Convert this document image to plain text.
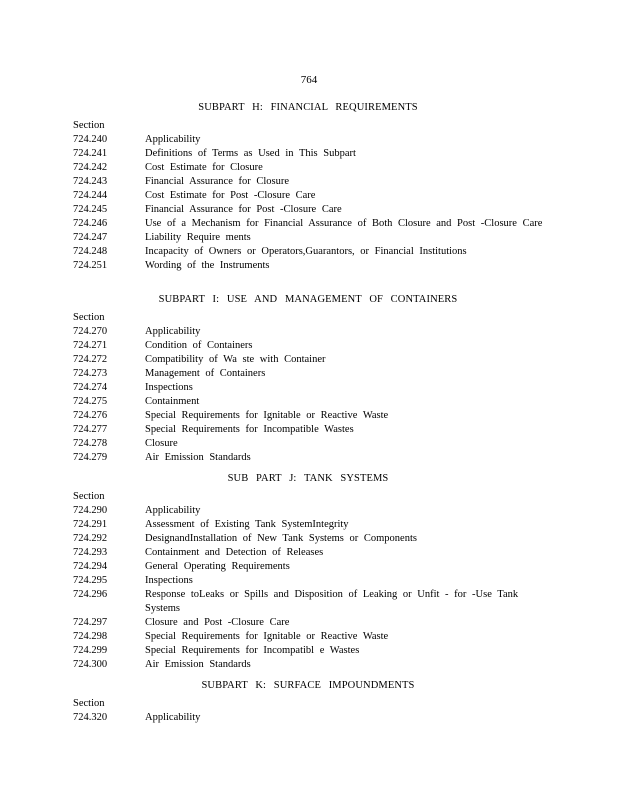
764
SUBPART H: FINANCIAL REQUIREMENTS
Section
724.240	Applicability
724.241	Definitions of Terms as Used in This Subpart
724.242	Cost Estimate for Closure
724.243	Financial Assurance for Closure
724.244	Cost Estimate for Post -Closure Care
724.245	Financial Assurance for Post -Closure Care
724.246	Use of a Mechanism for Financial Assurance of Both Closure and Post -Closure Care
724.247	Liability Require ments
724.248	Incapacity of Owners or Operators,Guarantors, or Financial Institutions
724.251	Wording of the Instruments
SUBPART I: USE AND MANAGEMENT OF CONTAINERS
Section
724.270	Applicability
724.271	Condition of Containers
724.272	Compatibility of Wa ste with Container
724.273	Management of Containers
724.274	Inspections
724.275	Containment
724.276	Special Requirements for Ignitable or Reactive Waste
724.277	Special Requirements for Incompatible Wastes
724.278	Closure
724.279	Air Emission Standards
SUB PART J: TANK SYSTEMS
Section
724.290	Applicability
724.291	Assessment of Existing Tank SystemIntegrity
724.292	DesignandInstallation of New Tank Systems or Components
724.293	Containment and Detection of Releases
724.294	General Operating Requirements
724.295	Inspections
724.296	Response toLeaks or Spills and Disposition of Leaking or Unfit - for -Use Tank Systems
724.297	Closure and Post -Closure Care
724.298	Special Requirements for Ignitable or Reactive Waste
724.299	Special Requirements for Incompatibl e Wastes
724.300	Air Emission Standards
SUBPART K: SURFACE IMPOUNDMENTS
Section
724.320	Applicability
